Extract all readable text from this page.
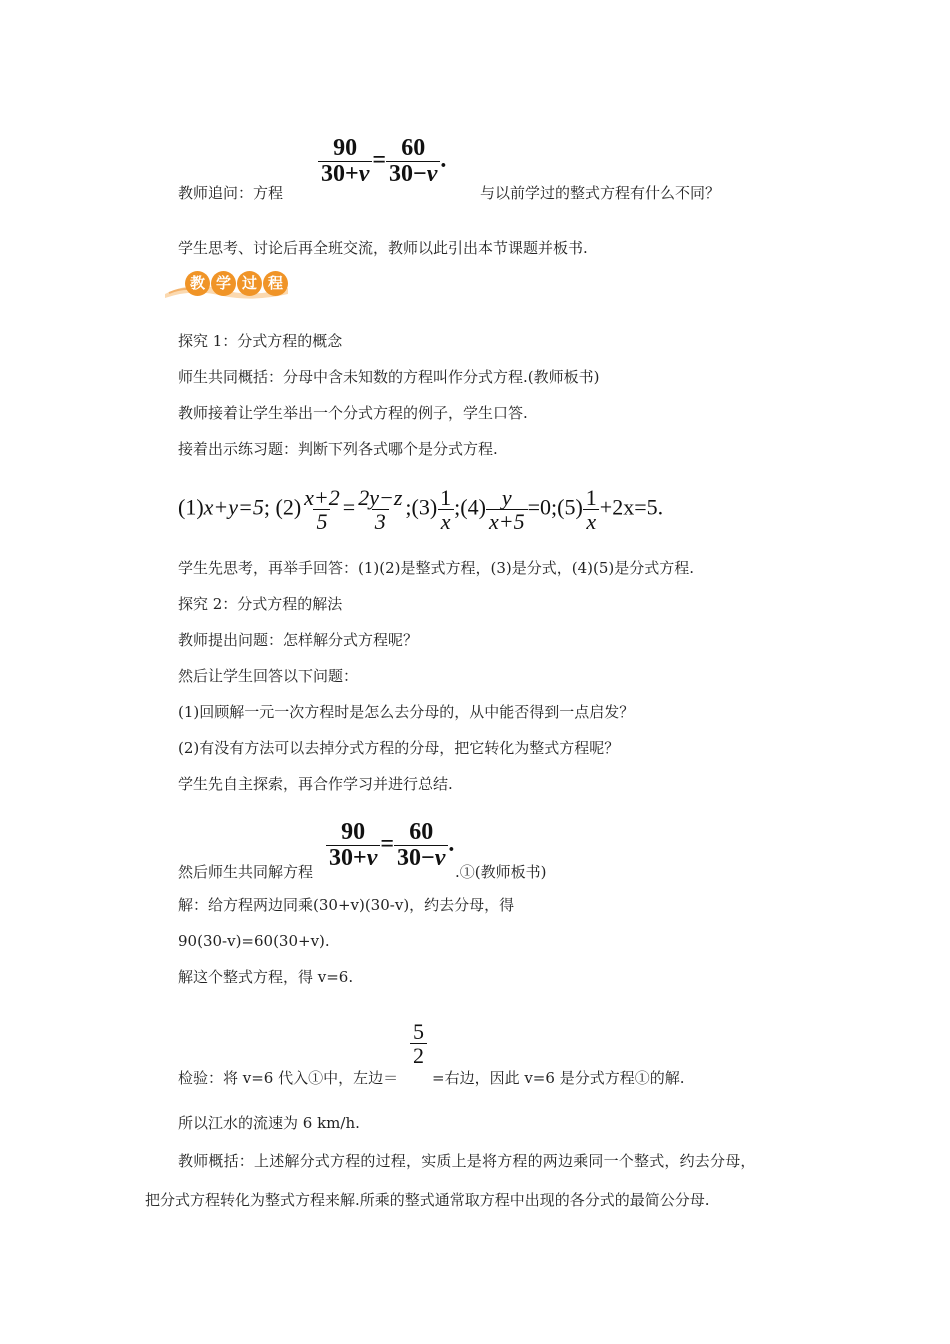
教师追问：方程
$\frac{90}{30+v} = \frac{60}{30-v}$ .
与以前学过的整式方程有什么不同？
学生思考、讨论后再全班交流，教师以此引出本节课题并板书.
教 学 过 程
探究 1：分式方程的概念
师生共同概括：分母中含未知数的方程叫作分式方程.(教师板书)
教师接着让学生举出一个分式方程的例子，学生口答.
接着出示练习题：判断下列各式哪个是分式方程.
(1)x+y=5; $(2) \frac{x+2}{5} = \frac{2y-z}{3}$ ;(3) $\frac{1}{x}$ ;(4) $\frac{y}{x+5}$ =0;(5) $\frac{1}{x} +2x=5$.
学生先思考，再举手回答：(1)(2)是整式方程，(3)是分式，(4)(5)是分式方程.
探究 2：分式方程的解法
教师提出问题：怎样解分式方程呢？
然后让学生回答以下问题：
(1)回顾解一元一次方程时是怎么去分母的，从中能否得到一点启发？
(2)有没有方法可以去掉分式方程的分母，把它转化为整式方程呢？
学生先自主探索，再合作学习并进行总结.
然后师生共同解方程
$\frac{90}{30+v} = \frac{60}{30-v}$ .
.①(教师板书)
解：给方程两边同乘(30+v)(30-v)，约去分母，得
90(30-v)=60(30+v).
解这个整式方程，得 v=6.
检验：将 v=6 代入①中，左边＝
$\frac{5}{2}$
=右边，因此 v=6 是分式方程①的解.
所以江水的流速为 6 km/h.
教师概括：上述解分式方程的过程，实质上是将方程的两边乘同一个整式，约去分母，
把分式方程转化为整式方程来解.所乘的整式通常取方程中出现的各分式的最简公分母.
